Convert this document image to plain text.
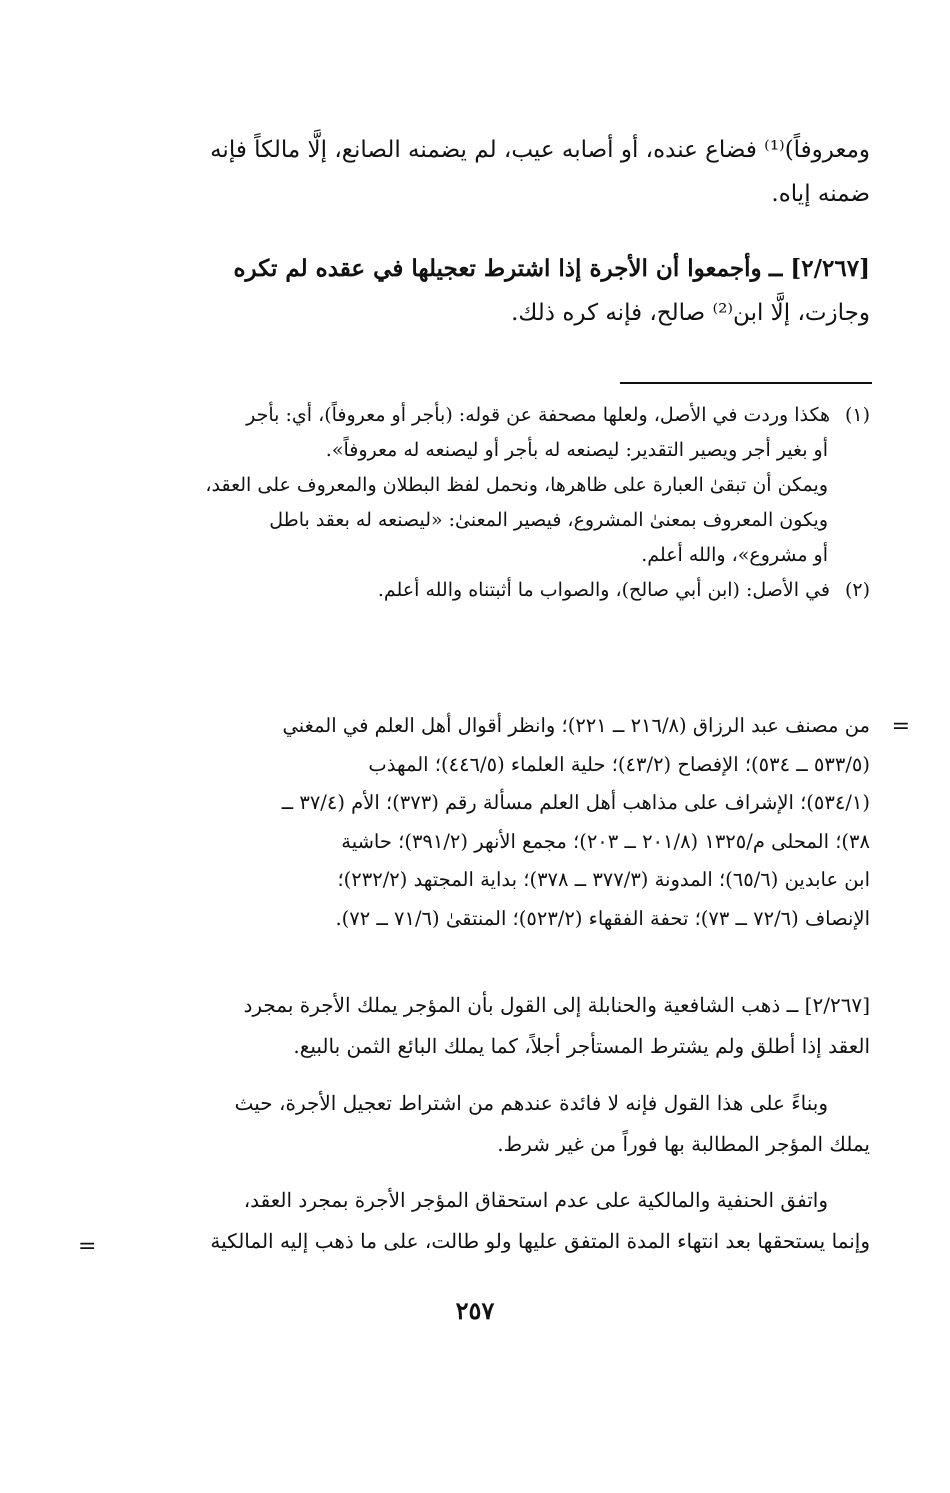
ومعروفاً)⁽¹⁾ فضاع عنده، أو أصابه عيب، لم يضمنه الصانع، إلَّا مالكاً فإنه
ضمنه إياه.
[٢/٢٦٧] ــ وأجمعوا أن الأجرة إذا اشترط تعجيلها في عقده لم تكره
وجازت، إلَّا ابن⁽²⁾ صالح، فإنه كره ذلك.
(١)هكذا وردت في الأصل، ولعلها مصحفة عن قوله: (بأجر أو معروفاً)، أي: بأجر
أو بغير أجر ويصير التقدير: ليصنعه له بأجر أو ليصنعه له معروفاً».
ويمكن أن تبقىٰ العبارة على ظاهرها، ونحمل لفظ البطلان والمعروف على العقد،
ويكون المعروف بمعنىٰ المشروع، فيصير المعنىٰ: «ليصنعه له بعقد باطل
أو مشروع»، والله أعلم.
(٢)في الأصل: (ابن أبي صالح)، والصواب ما أثبتناه والله أعلم.
=
من مصنف عبد الرزاق (٢١٦/٨ ــ ٢٢١)؛ وانظر أقوال أهل العلم في المغني
(٥٣٣/٥ ــ ٥٣٤)؛ الإفصاح (٤٣/٢)؛ حلية العلماء (٤٤٦/٥)؛ المهذب
(٥٣٤/١)؛ الإشراف على مذاهب أهل العلم مسألة رقم (٣٧٣)؛ الأم (٣٧/٤ ــ
٣٨)؛ المحلى م/١٣٢٥ (٢٠١/٨ ــ ٢٠٣)؛ مجمع الأنهر (٣٩١/٢)؛ حاشية
ابن عابدين (٦٥/٦)؛ المدونة (٣٧٧/٣ ــ ٣٧٨)؛ بداية المجتهد (٢٣٢/٢)؛
الإنصاف (٧٢/٦ ــ ٧٣)؛ تحفة الفقهاء (٥٢٣/٢)؛ المنتقىٰ (٧١/٦ ــ ٧٢).
[٢/٢٦٧] ــ ذهب الشافعية والحنابلة إلى القول بأن المؤجر يملك الأجرة بمجرد
العقد إذا أطلق ولم يشترط المستأجر أجلاً، كما يملك البائع الثمن بالبيع.
وبناءً على هذا القول فإنه لا فائدة عندهم من اشتراط تعجيل الأجرة، حيث
يملك المؤجر المطالبة بها فوراً من غير شرط.
واتفق الحنفية والمالكية على عدم استحقاق المؤجر الأجرة بمجرد العقد،
وإنما يستحقها بعد انتهاء المدة المتفق عليها ولو طالت، على ما ذهب إليه المالكية
=
٢٥٧
